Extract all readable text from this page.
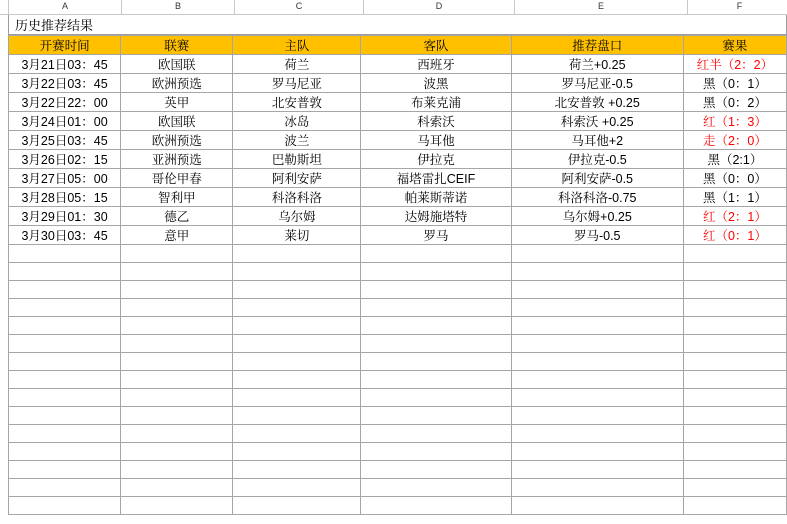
A	B	C	D	E	F
历史推荐结果
开赛时间	联赛	主队	客队	推荐盘口	赛果
3月21日03：45	欧国联	荷兰	西班牙	荷兰+0.25	红半（2：2）
3月22日03：45	欧洲预选	罗马尼亚	波黑	罗马尼亚-0.5	黑（0：1）
3月22日22：00	英甲	北安普敦	布莱克浦	北安普敦 +0.25	黑（0：2）
3月24日01：00	欧国联	冰岛	科索沃	科索沃 +0.25	红（1：3）
3月25日03：45	欧洲预选	波兰	马耳他	马耳他+2	走（2：0）
3月26日02：15	亚洲预选	巴勒斯坦	伊拉克	伊拉克-0.5	黑（2:1）
3月27日05：00	哥伦甲春	阿利安萨	福塔雷扎CEIF	阿利安萨-0.5	黑（0：0）
3月28日05：15	智利甲	科洛科洛	帕莱斯蒂诺	科洛科洛-0.75	黑（1：1）
3月29日01：30	德乙	乌尔姆	达姆施塔特	乌尔姆+0.25	红（2：1）
3月30日03：45	意甲	莱切	罗马	罗马-0.5	红（0：1）
